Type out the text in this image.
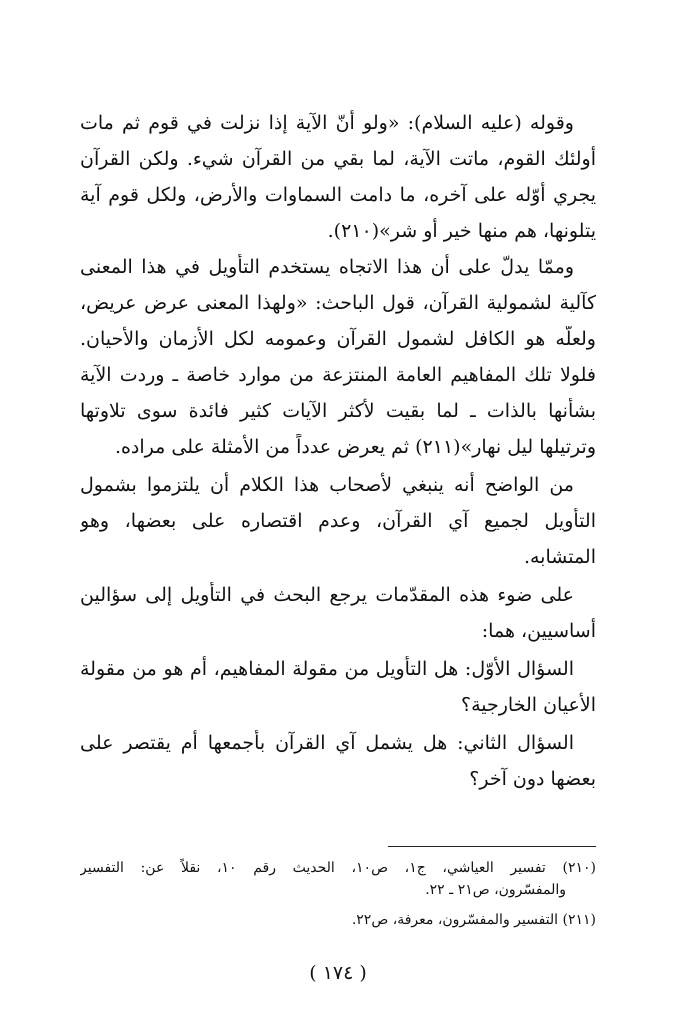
وقوله (عليه السلام): «ولو أنّ الآية إذا نزلت في قوم ثم مات
أولئك القوم، ماتت الآية، لما بقي من القرآن شيء. ولكن القرآن
يجري أوّله على آخره، ما دامت السماوات والأرض، ولكل قوم آية
يتلونها، هم منها خير أو شر»(٢١٠).
وممّا يدلّ على أن هذا الاتجاه يستخدم التأويل في هذا المعنى
كآلية لشمولية القرآن، قول الباحث: «ولهذا المعنى عرض عريض،
ولعلّه هو الكافل لشمول القرآن وعمومه لكل الأزمان والأحيان.
فلولا تلك المفاهيم العامة المنتزعة من موارد خاصة ـ وردت الآية
بشأنها بالذات ـ لما بقيت لأكثر الآيات كثير فائدة سوى تلاوتها
وترتيلها ليل نهار»(٢١١) ثم يعرض عدداً من الأمثلة على مراده.
من الواضح أنه ينبغي لأصحاب هذا الكلام أن يلتزموا بشمول
التأويل لجميع آي القرآن، وعدم اقتصاره على بعضها، وهو
المتشابه.
على ضوء هذه المقدّمات يرجع البحث في التأويل إلى سؤالين
أساسيين، هما:
السؤال الأوّل: هل التأويل من مقولة المفاهيم، أم هو من مقولة
الأعيان الخارجية؟
السؤال الثاني: هل يشمل آي القرآن بأجمعها أم يقتصر على
بعضها دون آخر؟
(٢١٠) تفسير العياشي، ج١، ص١٠، الحديث رقم ١٠، نقلاً عن: التفسير
والمفسّرون، ص٢١ ـ ٢٢.
(٢١١) التفسير والمفسّرون، معرفة، ص٢٢.
( ١٧٤ )
